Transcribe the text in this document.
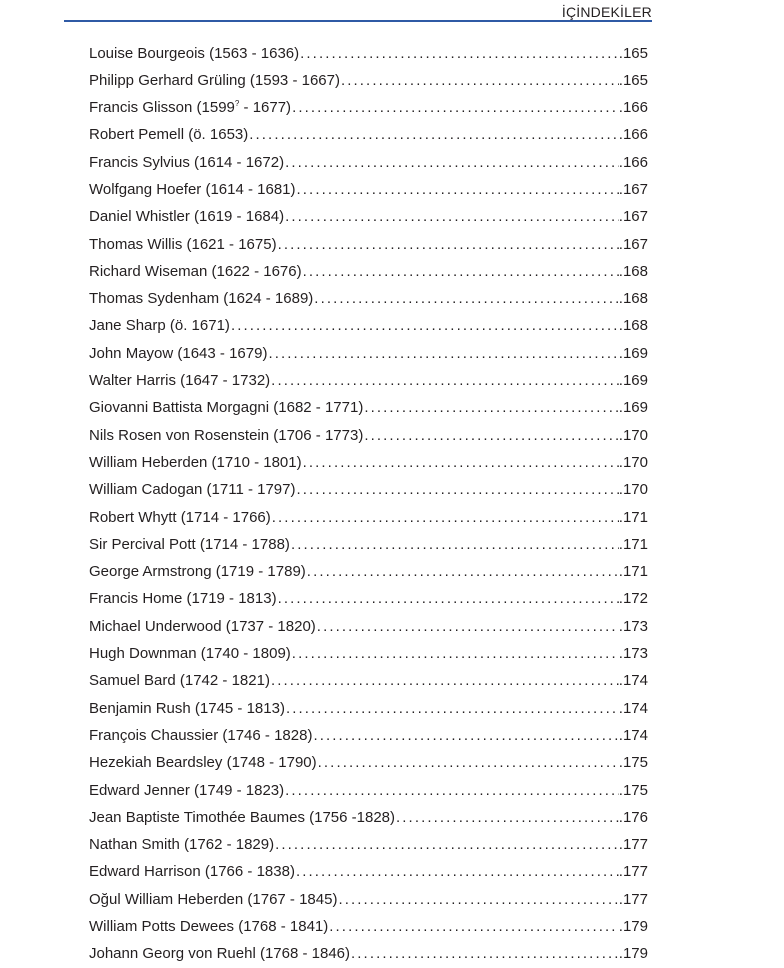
İÇİNDEKİLER
Louise Bourgeois (1563 - 1636) .....	.165
Philipp Gerhard Grüling (1593 - 1667) .....	.165
Francis Glisson (1599? - 1677) .....	.166
Robert Pemell (ö. 1653) .....	.166
Francis Sylvius (1614 - 1672) .....	.166
Wolfgang Hoefer (1614 - 1681) .....	.167
Daniel Whistler (1619 - 1684) .....	.167
Thomas Willis (1621 - 1675) .....	.167
Richard Wiseman (1622 - 1676) .....	.168
Thomas Sydenham (1624 - 1689) .....	.168
Jane Sharp (ö. 1671) .....	.168
John Mayow (1643 - 1679) .....	.169
Walter Harris (1647 - 1732) .....	.169
Giovanni Battista Morgagni (1682 - 1771) .....	.169
Nils Rosen von Rosenstein (1706 - 1773) .....	.170
William Heberden (1710 - 1801) .....	.170
William Cadogan (1711 - 1797) .....	.170
Robert Whytt (1714 - 1766) .....	.171
Sir Percival Pott (1714 - 1788) .....	.171
George Armstrong (1719 - 1789) .....	.171
Francis Home (1719 - 1813) .....	.172
Michael Underwood (1737 - 1820) .....	.173
Hugh Downman (1740 - 1809) .....	.173
Samuel Bard (1742 - 1821) .....	.174
Benjamin Rush (1745 - 1813) .....	.174
François Chaussier (1746 - 1828) .....	.174
Hezekiah Beardsley (1748 - 1790) .....	.175
Edward Jenner (1749 - 1823) .....	.175
Jean Baptiste Timothée Baumes (1756 -1828) .....	.176
Nathan Smith (1762 - 1829) .....	.177
Edward Harrison (1766 - 1838) .....	.177
Oğul William Heberden (1767 - 1845) .....	.177
William Potts Dewees (1768 - 1841) .....	.179
Johann Georg von Ruehl (1768 - 1846) .....	.179
